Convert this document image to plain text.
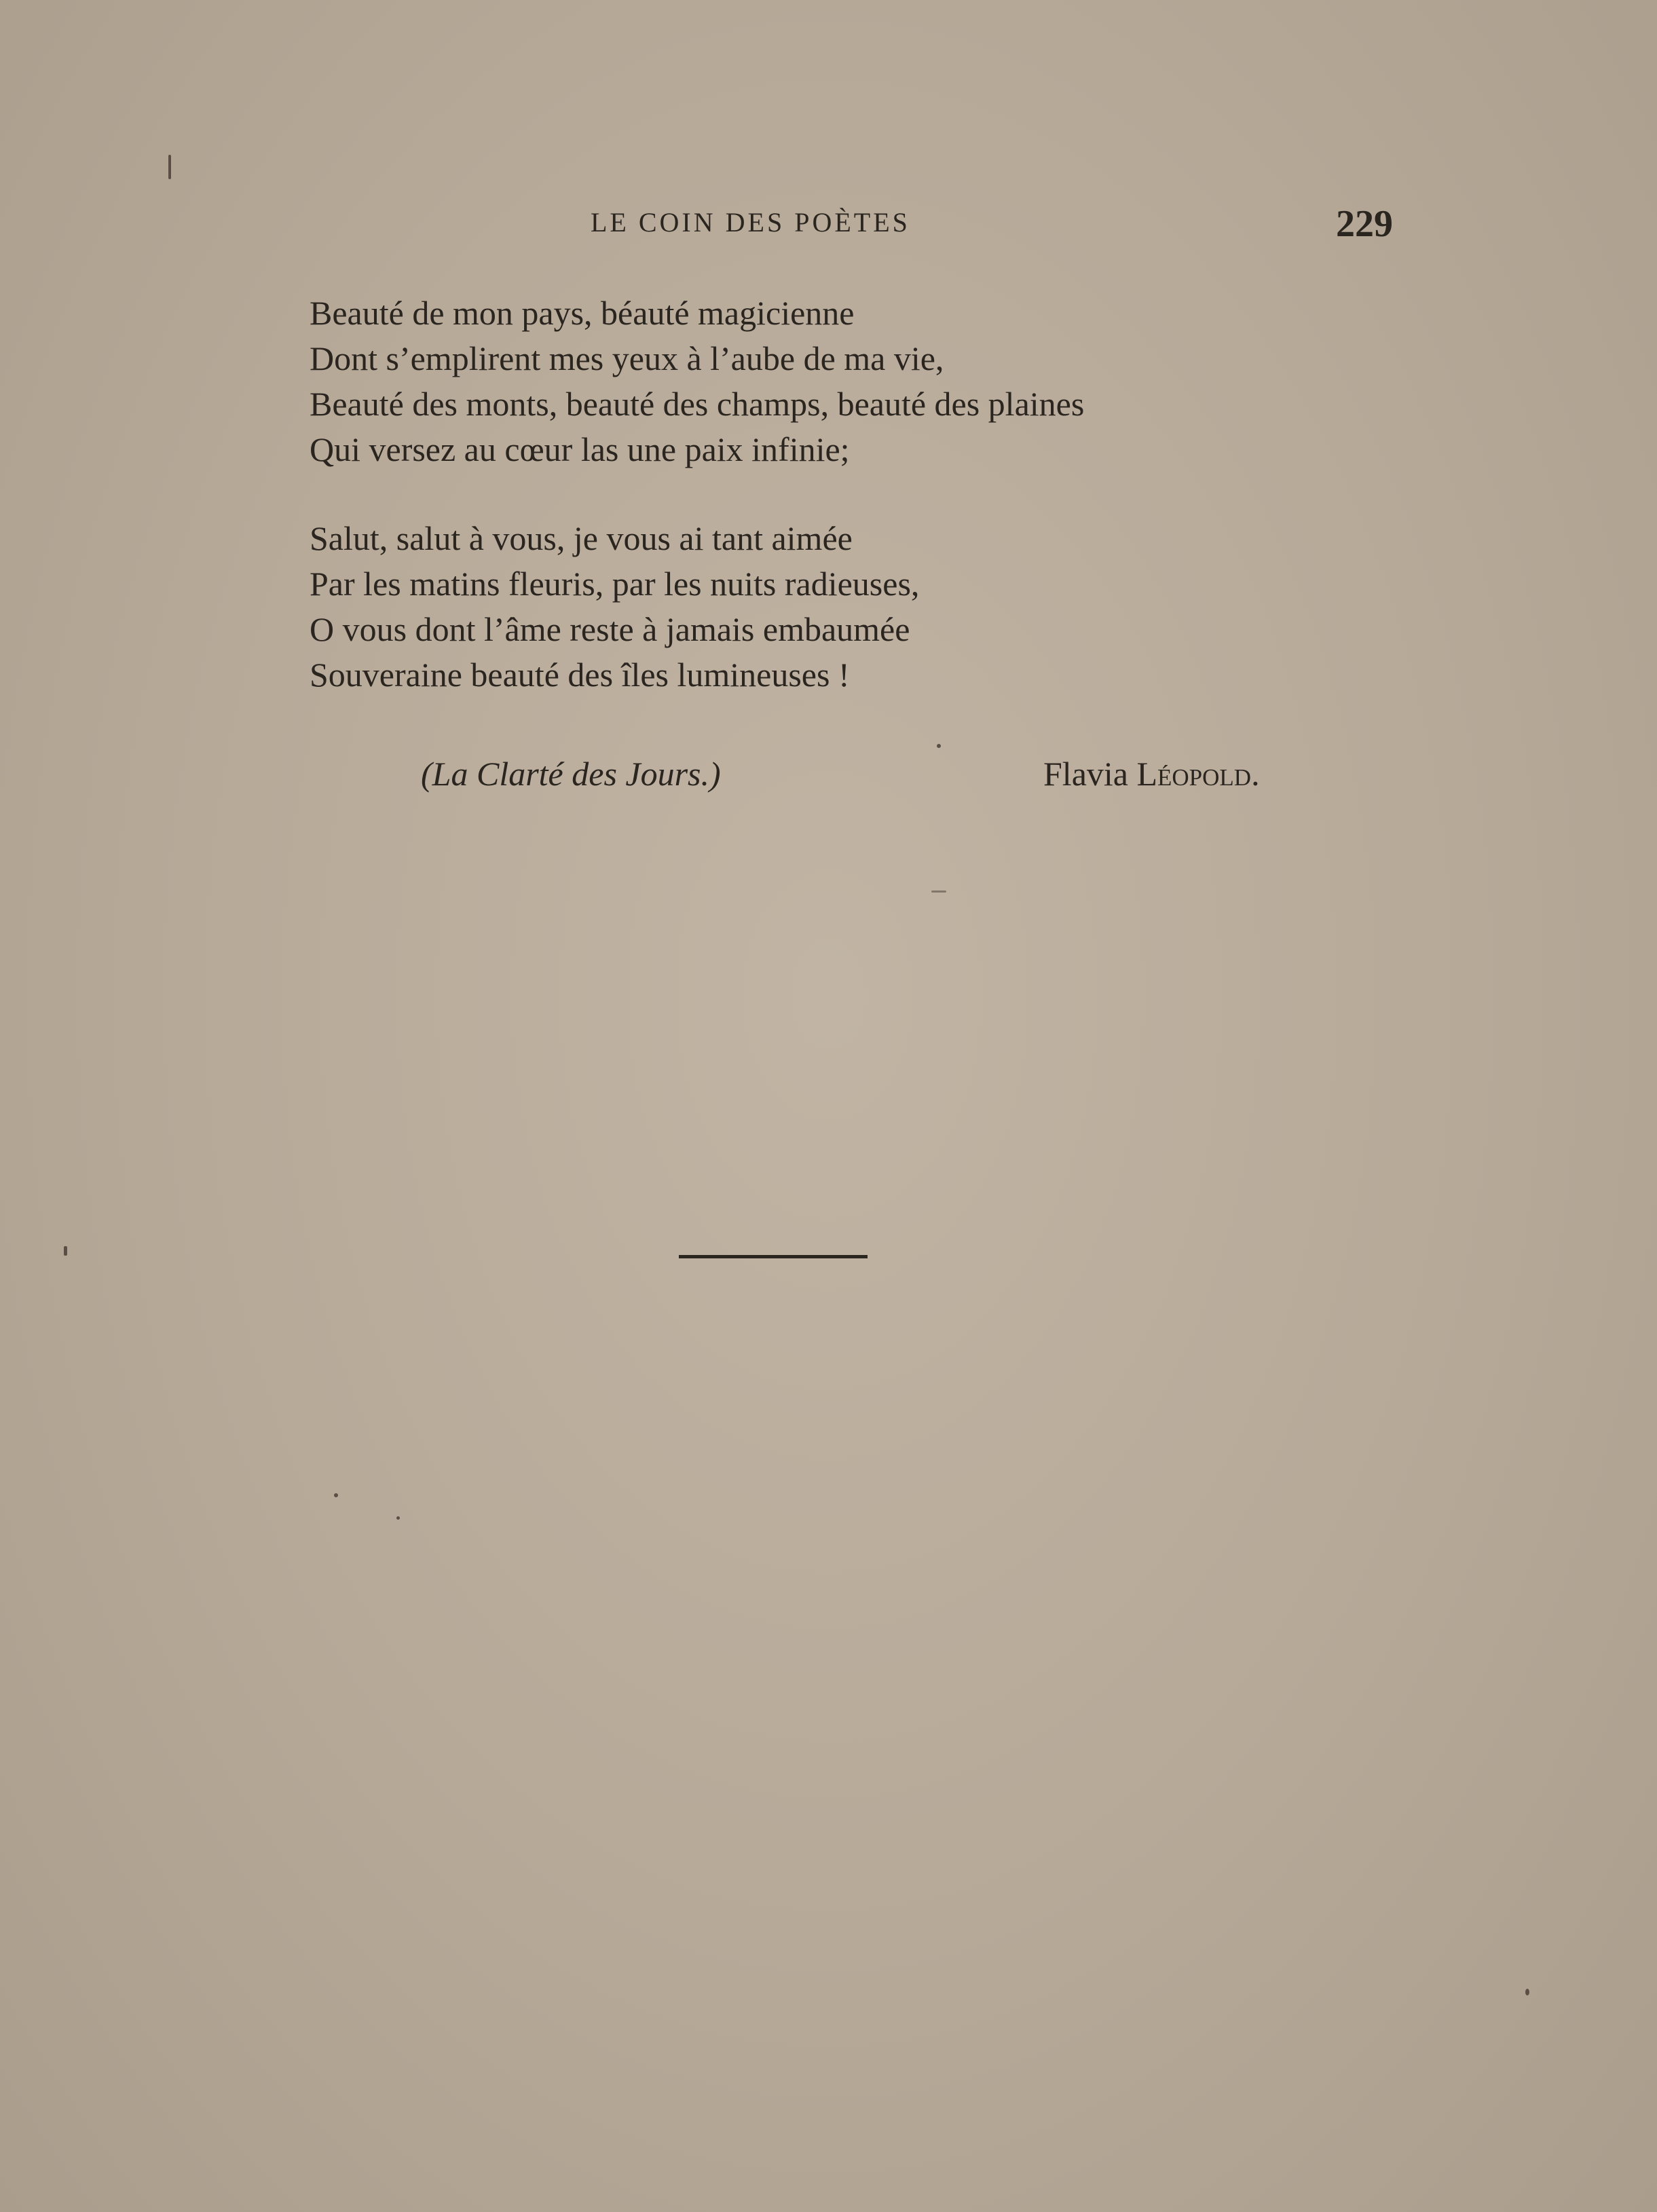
LE COIN DES POÈTES	229
Beauté de mon pays, béauté magicienne
Dont s’emplirent mes yeux à l’aube de ma vie,
Beauté des monts, beauté des champs, beauté des plaines
Qui versez au cœur las une paix infinie;
Salut, salut à vous, je vous ai tant aimée
Par les matins fleuris, par les nuits radieuses,
O vous dont l’âme reste à jamais embaumée
Souveraine beauté des îles lumineuses !
(La Clarté des Jours.)	Flavia Léopold.
